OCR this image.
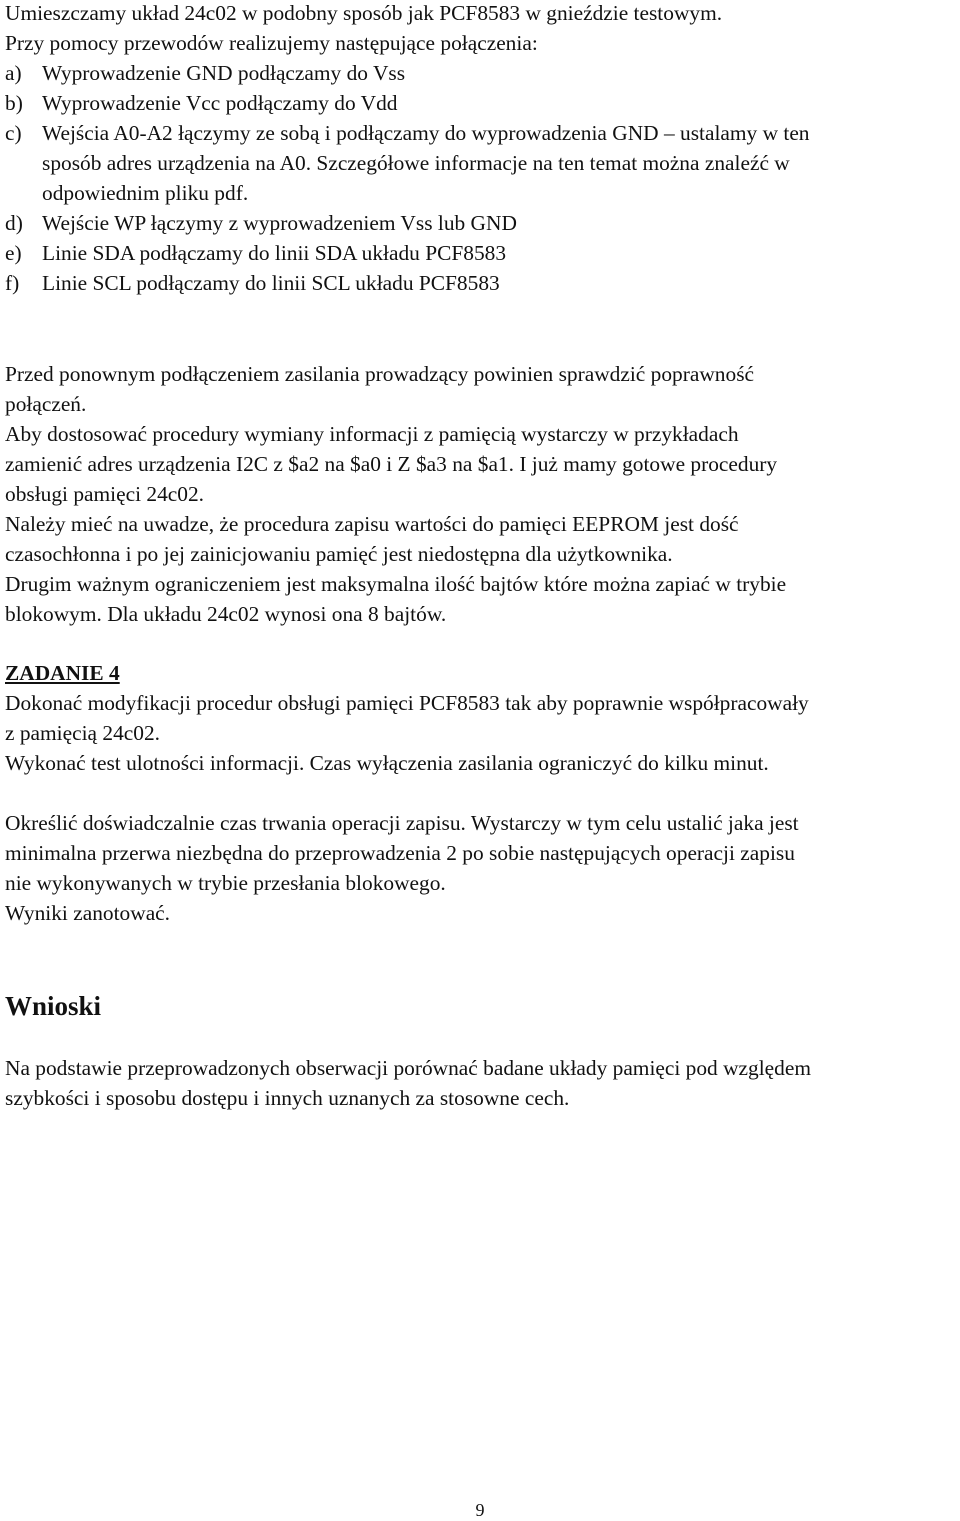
Umieszczamy układ 24c02 w podobny sposób jak PCF8583 w gnieździe testowym.

Przy pomocy przewodów realizujemy następujące połączenia:

a) Wyprowadzenie GND podłączamy do Vss
b) Wyprowadzenie Vcc podłączamy do Vdd
c) Wejścia A0-A2 łączymy ze sobą i podłączamy do wyprowadzenia GND – ustalamy w ten
sposób adres urządzenia na A0. Szczegółowe informacje na ten temat można znaleźć w
odpowiednim pliku pdf.
d) Wejście WP łączymy z wyprowadzeniem Vss lub GND
e) Linie SDA podłączamy do linii SDA układu PCF8583
f) Linie SCL podłączamy do linii SCL układu PCF8583

Przed ponownym podłączeniem zasilania prowadzący powinien sprawdzić poprawność

połączeń.

Aby dostosować procedury wymiany informacji z pamięcią wystarczy w przykładach

zamienić adres urządzenia I2C z $a2 na $a0 i Z $a3 na $a1. I już mamy gotowe procedury

obsługi pamięci 24c02.

Należy mieć na uwadze, że procedura zapisu wartości do pamięci EEPROM jest dość

czasochłonna i po jej zainicjowaniu pamięć jest niedostępna dla użytkownika.

Drugim ważnym ograniczeniem jest maksymalna ilość bajtów które można zapiać w trybie

blokowym. Dla układu 24c02 wynosi ona 8 bajtów.

ZADANIE 4

Dokonać modyfikacji procedur obsługi pamięci PCF8583 tak aby poprawnie współpracowały

z pamięcią 24c02.

Wykonać test ulotności informacji. Czas wyłączenia zasilania ograniczyć do kilku minut.

Określić doświadczalnie czas trwania operacji zapisu. Wystarczy w tym celu ustalić jaka jest

minimalna przerwa niezbędna do przeprowadzenia 2 po sobie następujących operacji zapisu

nie wykonywanych w trybie przesłania blokowego.

Wyniki zanotować.

Wnioski

Na podstawie przeprowadzonych obserwacji porównać badane układy pamięci pod względem

szybkości i sposobu dostępu i innych uznanych za stosowne cech.

9
